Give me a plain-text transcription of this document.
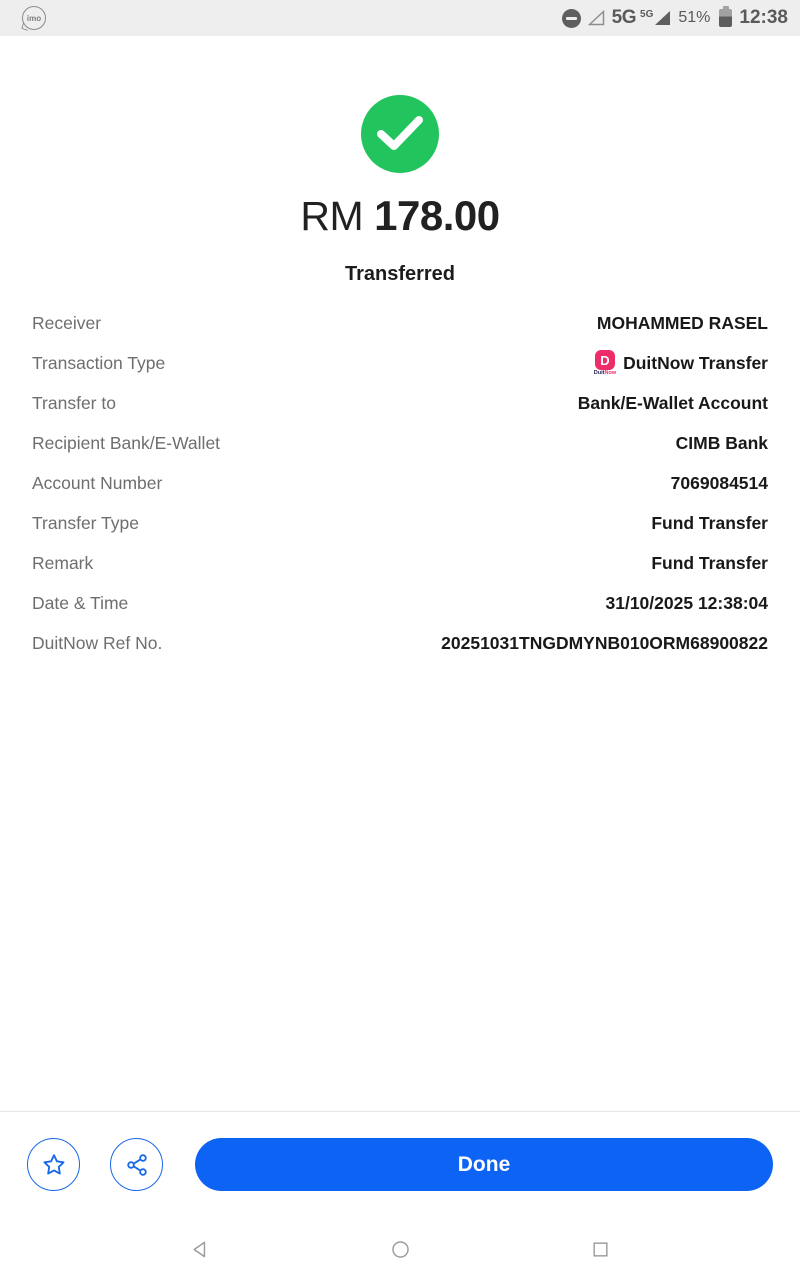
imo	5G 5G 51% 12:38
RM 178.00
Transferred
Receiver	MOHAMMED RASEL
Transaction Type	D
DuitNow
DuitNow Transfer
Transfer to	Bank/E-Wallet Account
Recipient Bank/E-Wallet	CIMB Bank
Account Number	7069084514
Transfer Type	Fund Transfer
Remark	Fund Transfer
Date & Time	31/10/2025 12:38:04
DuitNow Ref No.	20251031TNGDMYNB010ORM68900822
Done
